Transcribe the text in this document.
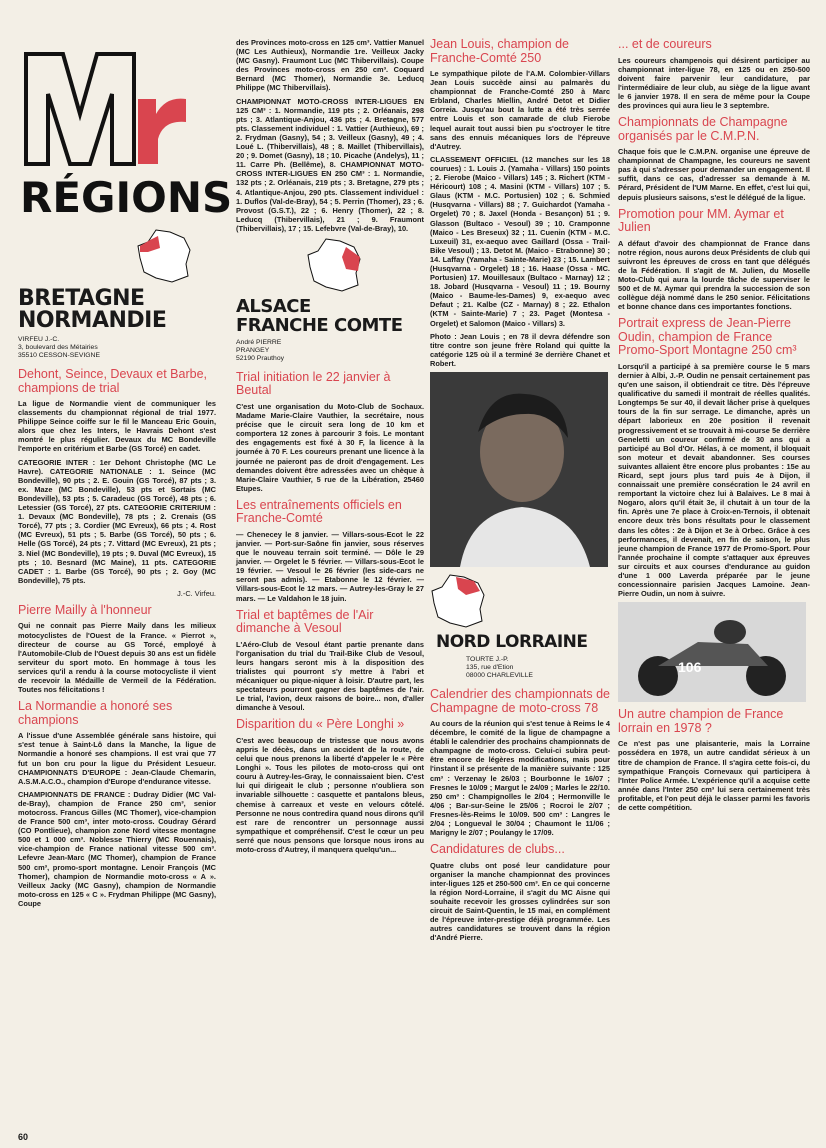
RÉGIONS
BRETAGNE
NORMANDIE
VIRFEU J.-C.
3, boulevard des Métairies
35510 CESSON-SEVIGNE
Dehont, Seince, Devaux et Barbe, champions de trial

La ligue de Normandie vient de communiquer les classements du championnat régional de trial 1977. Philippe Seince coiffe sur le fil le Manceau Eric Gouin, alors que chez les Inters, le Havrais Dehont s'est montré le plus régulier. Devaux du MC Bondeville l'emporte en critérium et Barbe (GS Torcé) en cadet.

CATEGORIE INTER : 1er Dehont Christophe (MC Le Havre). CATEGORIE NATIONALE : 1. Seince (MC Bondeville), 90 pts ; 2. E. Gouin (GS Torcé), 87 pts ; 3. ex. Maze (MC Bondeville), 53 pts et Sortais (MC Bondeville), 53 pts ; 5. Caradeuc (GS Torcé), 48 pts ; 6. Letessier (GS Torcé), 27 pts. CATEGORIE CRITERIUM : 1. Devaux (MC Bondeville), 78 pts ; 2. Crenais (GS Torcé), 77 pts ; 3. Cordier (MC Evreux), 66 pts ; 4. Rost (MC Evreux), 51 pts ; 5. Barbe (GS Torcé), 50 pts ; 6. Helle (GS Torcé), 24 pts ; 7. Vittard (MC Evreux), 21 pts ; 3. Niel (MC Bondeville), 19 pts ; 9. Duval (MC Evreux), 15 pts ; 10. Besnard (MC Maine), 11 pts. CATEGORIE CADET : 1. Barbe (GS Torcé), 90 pts ; 2. Goy (MC Bondeville), 75 pts.

J.-C. Virfeu.

Pierre Mailly à l'honneur

Qui ne connait pas Pierre Maily dans les milieux motocyclistes de l'Ouest de la France. « Pierrot », directeur de course au GS Torcé, employé à l'Automobile-Club de l'Ouest depuis 30 ans est un fidèle serviteur du sport moto. En hommage à tous les services qu'il a rendu à la course motocycliste il vient de recevoir la Médaille de Vermeil de la Fédération. Toutes nos félicitations !

La Normandie a honoré ses champions

A l'issue d'une Assemblée générale sans histoire, qui s'est tenue à Saint-Lô dans la Manche, la ligue de Normandie a honoré ses champions. Il est vrai que 77 fut un bon cru pour la ligue du Président Lesueur. CHAMPIONNATS D'EUROPE : Jean-Claude Chemarin, A.S.M.A.C.O., champion d'Europe d'endurance vitesse.

CHAMPIONNATS DE FRANCE : Dudray Didier (MC Val-de-Bray), champion de France 250 cm³, senior motocross. Francus Gilles (MC Thomer), vice-champion de France 500 cm³, inter moto-cross. Coudray Gérard (CO Pontlieue), champion zone Nord vitesse montagne 500 et 1 000 cm³. Noblesse Thierry (MC Rouennais), vice-champion de France national vitesse 500 cm³. Lefevre Jean-Marc (MC Thomer), champion de France 500 cm³, promo-sport montagne. Lenoir François (MC Thomer), champion de Normandie moto-cross « A ». Veilleux Jacky (MC Gasny), champion de Normandie moto-cross en 125 « C ». Frydman Philippe (MC Gasny), Coupe

des Provinces moto-cross en 125 cm³. Vattier Manuel (MC Les Authieux), Normandie 1re. Veilleux Jacky (MC Gasny). Fraumont Luc (MC Thibervillais). Coupe des Provinces moto-cross en 250 cm³. Coquard Bernard (MC Thomer), Normandie 3e. Leducq Philippe (MC Thibervillais).

CHAMPIONNAT MOTO-CROSS INTER-LIGUES EN 125 CM³ : 1. Normandie, 119 pts ; 2. Orléanais, 298 pts ; 3. Atlantique-Anjou, 436 pts ; 4. Bretagne, 577 pts. Classement individuel : 1. Vattier (Authieux), 69 ; 2. Frydman (Gasny), 54 ; 3. Veilleux (Gasny), 49 ; 4. Loué L. (Thibervillais), 48 ; 8. Maillet (Thibervillais), 20 ; 9. Domet (Gasny), 18 ; 10. Picache (Andelys), 11 ; 11. Carre Ph. (Bellême), 8. CHAMPIONNAT MOTO-CROSS INTER-LIGUES EN 250 CM³ : 1. Normandie, 132 pts ; 2. Orléanais, 219 pts ; 3. Bretagne, 279 pts ; 4. Atlantique-Anjou, 290 pts. Classement individuel : 1. Duflos (Val-de-Bray), 54 ; 5. Perrin (Thomer), 23 ; 6. Provost (G.S.T.), 22 ; 6. Henry (Thomer), 22 ; 8. Leducq (Thibervillais), 21 ; 9. Fraumont (Thibervillais), 17 ; 15. Lefebvre (Val-de-Bray), 10.

ALSACE
FRANCHE COMTE
André PIERRE
PRANGEY
52190 Prauthoy
Trial initiation le 22 janvier à Beutal

C'est une organisation du Moto-Club de Sochaux. Madame Marie-Claire Vauthier, la secrétaire, nous précise que le circuit sera long de 10 km et comportera 12 zones à parcourir 3 fois. Le montant des engagements est fixé à 30 F, la licence à la journée à 70 F. Les coureurs prenant une licence à la journée ne paieront pas de droit d'engagement. Les demandes doivent être adressées avec un chèque à Marie-Claire Vauthier, 5 rue de la Libération, 25460 Etupes.

Les entraînements officiels en Franche-Comté

— Chenecey le 8 janvier. — Villars-sous-Ecot le 22 janvier. — Port-sur-Saône fin janvier, sous réserves que le nouveau terrain soit terminé. — Dôle le 29 janvier. — Orgelet le 5 février. — Villars-sous-Ecot le 19 février. — Vesoul le 26 février (les side-cars ne seront pas admis). — Etabonne le 12 février. — Villars-sous-Ecot le 12 mars. — Autrey-les-Gray le 27 mars. — Le Valdahon le 18 juin.

Trial et baptêmes de l'Air dimanche à Vesoul

L'Aéro-Club de Vesoul étant partie prenante dans l'organisation du trial du Trail-Bike Club de Vesoul, leurs hangars seront mis à la disposition des trialistes qui pourront s'y mettre à l'abri et mécaniquer ou pique-niquer à loisir. D'autre part, les spectateurs pourront gagner des baptêmes de l'air. Le trial, l'avion, deux raisons de boire... non, d'aller dimanche à Vesoul.

Disparition du « Père Longhi »

C'est avec beaucoup de tristesse que nous avons appris le décès, dans un accident de la route, de celui que nous prenons la liberté d'appeler le « Père Longhi ». Tous les pilotes de moto-cross qui ont couru à Autrey-les-Gray, le connaissaient bien. C'est lui qui dirigeait le club ; personne n'oubliera son invariable silhouette : casquette et pantalons bleus, chemise à carreaux et veste en velours côtelé. Personne ne nous contredira quand nous dirons qu'il est rare de rencontrer un personnage aussi sympathique et compréhensif. C'est le cœur un peu serré que nous pensons que lorsque nous irons au moto-cross d'Autrey, il manquera quelqu'un...

Jean Louis, champion de Franche-Comté 250

Le sympathique pilote de l'A.M. Colombier-Villars Jean Louis succède ainsi au palmarès du championnat de Franche-Comté 250 à Marc Erbland, Charles Miellin, André Detot et Didier Correia. Jusqu'au bout la lutte a été très serrée entre Louis et son camarade de club Fierobe lequel aurait tout aussi bien pu s'octroyer le titre sans des ennuis mécaniques lors de l'épreuve d'Autrey.

CLASSEMENT OFFICIEL (12 manches sur les 18 courues) : 1. Louis J. (Yamaha - Villars) 150 points ; 2. Fierobe (Maico - Villars) 145 ; 3. Richert (KTM - Héricourt) 108 ; 4. Masini (KTM - Villars) 107 ; 5. Glaus (KTM - M.C. Portusien) 102 ; 6. Schmied (Husqvarna - Villars) 88 ; 7. Guichardot (Yamaha - Orgelet) 70 ; 8. Jaxel (Honda - Besançon) 51 ; 9. Glasson (Bultaco - Vesoul) 39 ; 10. Cramponne (Maico - Les Breseux) 32 ; 11. Cuenin (KTM - M.C. Luxeuil) 31, ex-aequo avec Gaillard (Ossa - Trail-Bike Vesoul) ; 13. Detot M. (Maico - Etrabonne) 30 ; 14. Laffay (Yamaha - Sainte-Marie) 23 ; 15. Lambert (Husqvarna - Orgelet) 18 ; 16. Haase (Ossa - MC. Portusien) 17. Mouillesaux (Bultaco - Marnay) 12 ; 18. Jobard (Husqvarna - Vesoul) 11 ; 19. Bourny (Maico - Baume-les-Dames) 9, ex-aequo avec Defaut ; 21. Kalbe (CZ - Marnay) 8 ; 22. Ethalon (KTM - Sainte-Marie) 7 ; 23. Paget (Montesa - Orgelet) et Salomon (Maico - Villars) 3.

Photo : Jean Louis ; en 78 il devra défendre son titre contre son jeune frère Roland qui quitte la catégorie 125 où il a terminé 3e derrière Chanet et Robert.

NORD LORRAINE
TOURTE J.-P.
135, rue d'Etion
08000 CHARLEVILLE
Calendrier des championnats de Champagne de moto-cross 78

Au cours de la réunion qui s'est tenue à Reims le 4 décembre, le comité de la ligue de champagne a établi le calendrier des prochains championnats de champagne de moto-cross. Celui-ci subira peut-être encore de légères modifications, mais pour l'instant il se présente de la manière suivante : 125 cm³ : Verzenay le 26/03 ; Bourbonne le 16/07 ; Fresnes le 10/09 ; Margut le 24/09 ; Marles le 22/10. 250 cm³ : Champignolles le 2/04 ; Hermonville le 4/06 ; Bar-sur-Seine le 25/06 ; Rocroi le 2/07 ; Fresnes-lès-Reims le 10/09. 500 cm³ : Langres le 2/04 ; Longueval le 30/04 ; Chaumont le 11/06 ; Marigny le 2/07 ; Poulangy le 17/09.

Candidatures de clubs...

Quatre clubs ont posé leur candidature pour organiser la manche championnat des provinces inter-ligues 125 et 250-500 cm³. En ce qui concerne la région Nord-Lorraine, il s'agit du MC Aisne qui souhaite recevoir les grosses cylindrées sur son circuit de Saint-Quentin, le 15 mai, en complément de l'épreuve inter-prestige déjà programmée. Les autres candidatures se trouvent dans la région d'André Pierre.

... et de coureurs

Les coureurs champenois qui désirent participer au championnat inter-ligue 78, en 125 ou en 250-500 doivent faire parvenir leur candidature, par l'intermédiaire de leur club, au siège de la ligue avant le 6 janvier 1978. Il en sera de même pour la Coupe des provinces qui aura lieu le 3 septembre.

Championnats de Champagne organisés par le C.M.P.N.

Chaque fois que le C.M.P.N. organise une épreuve de championnat de Champagne, les coureurs ne savent pas à qui s'adresser pour demander un engagement. Il suffit, dans ce cas, d'adresser sa demande à M. Pérard, Président de l'UM Marne. En effet, c'est lui qui, depuis plusieurs saisons, s'est le délégué de la ligue.

Promotion pour MM. Aymar et Julien

A défaut d'avoir des championnat de France dans notre région, nous aurons deux Présidents de club qui suivront les épreuves de cross en tant que délégués de la Fédération. Il s'agit de M. Julien, du Moselle Moto-Club qui aura la lourde tâche de superviser le 500 et de M. Aymar qui prendra la succession de son collègue déjà nommé dans le 250 senior. Félicitations et bonne chance dans ces importantes fonctions.

Portrait express de Jean-Pierre Oudin, champion de France Promo-Sport Montagne 250 cm³

Lorsqu'il a participé à sa première course le 5 mars dernier à Albi, J.-P. Oudin ne pensait certainement pas qu'en une saison, il obtiendrait ce titre. Dès l'épreuve qualificative du samedi il montrait de réelles qualités. Longtemps 5e sur 40, il devait lâcher prise à quelques tours de la fin sur serrage. Le dimanche, après un départ laborieux en 20e position il revenait progressivement et se trouvait à mi-course 5e derrière Geneletti un coureur confirmé de 30 ans qui a participé au Bol d'Or. Hélas, à ce moment, il bloquait son moteur et devait abandonner. Ses courses suivantes allaient être encore plus probantes : 15e au Ricard, sept jours plus tard puis 4e à Dijon, il connaissait une première consécration le 24 avril en remportant la victoire chez lui à Balaives. Le 8 mai à Nogaro, alors qu'il était 3e, il chutait à un tour de la fin. Après une 7e place à Croix-en-Ternois, il obtenait encore deux très bons résultats pour le classement dans les côtes : 2e à Dijon et 3e à Orbec. Grâce à ces performances, il devenait, en fin de saison, le plus jeune champion de France 1977 de Promo-Sport. Pour l'année prochaine il compte s'attaquer aux épreuves sur circuits et aux courses d'endurance au guidon d'une 1 000 Laverda préparée par le jeune concessionnaire parisien Jacques Lamoine. Jean-Pierre Oudin, un nom à suivre.

106
Un autre champion de France lorrain en 1978 ?

Ce n'est pas une plaisanterie, mais la Lorraine possédera en 1978, un autre candidat sérieux à un titre de champion de France. Il s'agira cette fois-ci, du sympathique François Cornevaux qui participera à l'Inter Police Armée. L'expérience qu'il a acquise cette année dans l'Inter 250 cm³ lui sera certainement très profitable, et l'on peut déjà le classer parmi les favoris de cette compétition.

60
